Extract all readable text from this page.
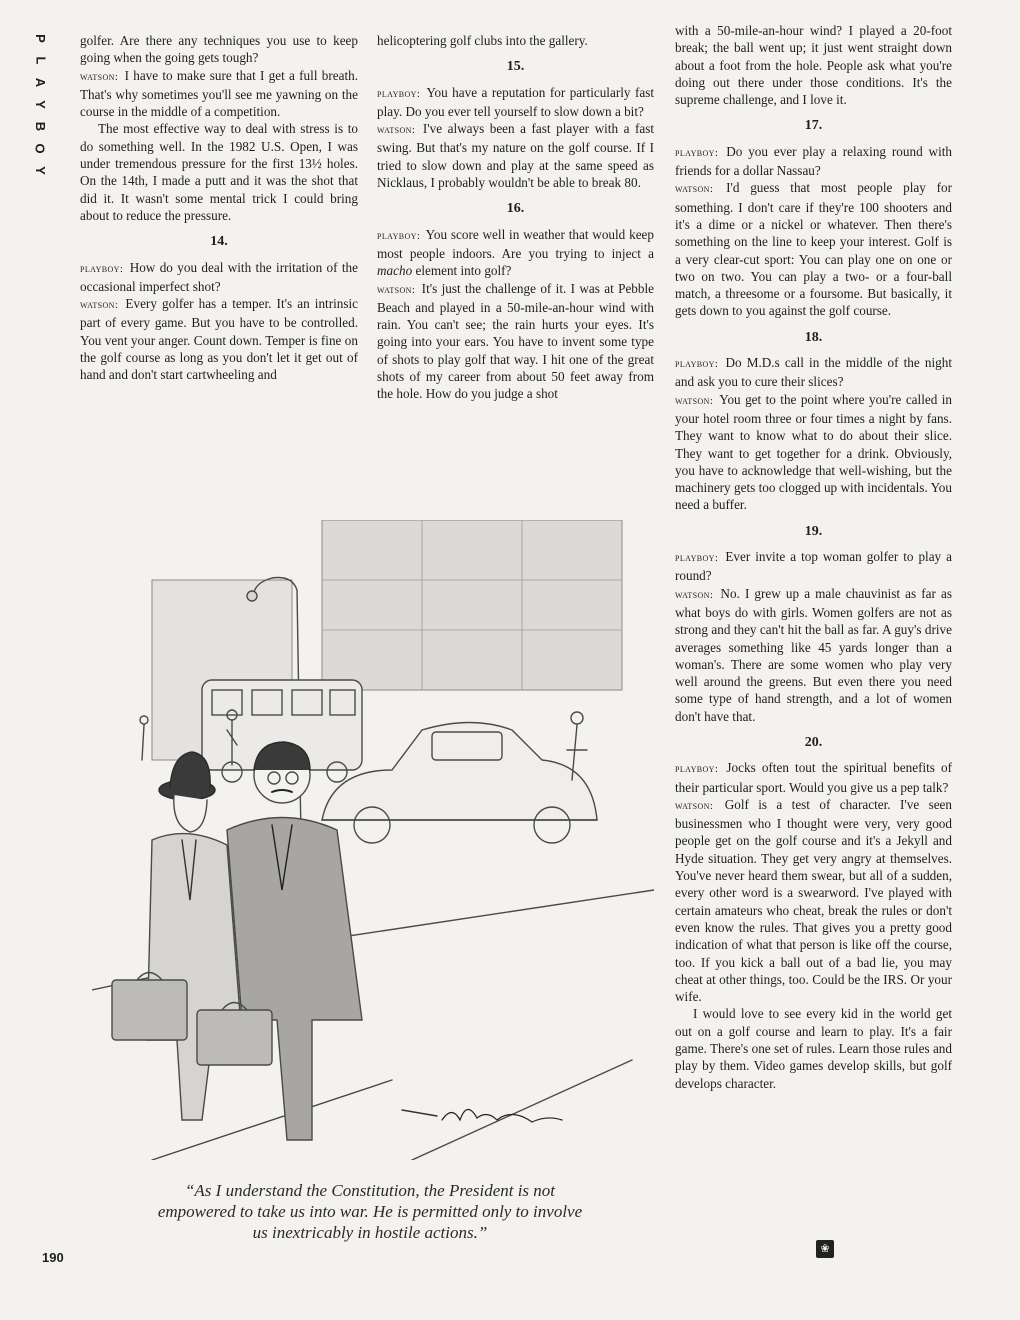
P
L
A
Y
B
O
Y

golfer. Are there any techniques you use to keep going when the going gets tough?

watson: I have to make sure that I get a full breath. That's why sometimes you'll see me yawning on the course in the middle of a competition.

The most effective way to deal with stress is to do something well. In the 1982 U.S. Open, I was under tremendous pressure for the first 13½ holes. On the 14th, I made a putt and it was the shot that did it. It wasn't some mental trick I could bring about to reduce the pressure.

14.

playboy: How do you deal with the irritation of the occasional imperfect shot?

watson: Every golfer has a temper. It's an intrinsic part of every game. But you have to be controlled. You vent your anger. Count down. Temper is fine on the golf course as long as you don't let it get out of hand and don't start cartwheeling and

helicoptering golf clubs into the gallery.

15.

playboy: You have a reputation for particularly fast play. Do you ever tell yourself to slow down a bit?

watson: I've always been a fast player with a fast swing. But that's my nature on the golf course. If I tried to slow down and play at the same speed as Nicklaus, I probably wouldn't be able to break 80.

16.

playboy: You score well in weather that would keep most people indoors. Are you trying to inject a macho element into golf?

watson: It's just the challenge of it. I was at Pebble Beach and played in a 50-mile-an-hour wind with rain. You can't see; the rain hurts your eyes. It's going into your ears. You have to invent some type of shots to play golf that way. I hit one of the great shots of my career from about 50 feet away from the hole. How do you judge a shot

with a 50-mile-an-hour wind? I played a 20-foot break; the ball went up; it just went straight down about a foot from the hole. People ask what you're doing out there under those conditions. It's the supreme challenge, and I love it.

17.

playboy: Do you ever play a relaxing round with friends for a dollar Nassau?

watson: I'd guess that most people play for something. I don't care if they're 100 shooters and it's a dime or a nickel or whatever. Then there's something on the line to keep your interest. Golf is a very clear-cut sport: You can play one on one or two on two. You can play a two- or a four-ball match, a threesome or a foursome. But basically, it gets down to you against the golf course.

18.

playboy: Do M.D.s call in the middle of the night and ask you to cure their slices?

watson: You get to the point where you're called in your hotel room three or four times a night by fans. They want to know what to do about their slice. They want to get together for a drink. Obviously, you have to acknowledge that well-wishing, but the machinery gets too clogged up with incidentals. You need a buffer.

19.

playboy: Ever invite a top woman golfer to play a round?

watson: No. I grew up a male chauvinist as far as what boys do with girls. Women golfers are not as strong and they can't hit the ball as far. A guy's drive averages something like 45 yards longer than a woman's. There are some women who play very well around the greens. But even there you need some type of hand strength, and a lot of women don't have that.

20.

playboy: Jocks often tout the spiritual benefits of their particular sport. Would you give us a pep talk?

watson: Golf is a test of character. I've seen businessmen who I thought were very, very good people get on the golf course and it's a Jekyll and Hyde situation. They get very angry at themselves. You've never heard them swear, but all of a sudden, every other word is a swearword. I've played with certain amateurs who cheat, break the rules or don't even know the rules. That gives you a pretty good indication of what that person is like off the course, too. If you kick a ball out of a bad lie, you may cheat at other things, too. Could be the IRS. Or your wife.

I would love to see every kid in the world get out on a golf course and learn to play. It's a fair game. There's one set of rules. Learn those rules and play by them. Video games develop skills, but golf develops character.

“As I understand the Constitution, the President is not empowered to take us into war. He is permitted only to involve us inextricably in hostile actions.”
190
❀
